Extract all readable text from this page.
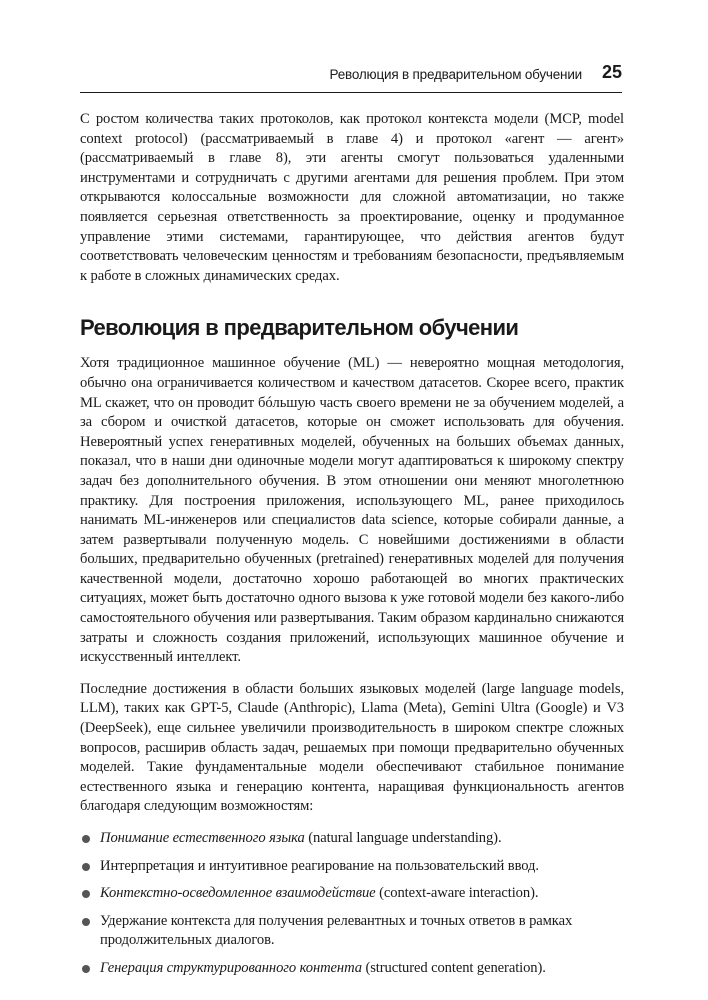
Революция в предварительном обучении 25

С ростом количества таких протоколов, как протокол контекста модели (MCP, model context protocol) (рассматриваемый в главе 4) и протокол «агент — агент» (рассматриваемый в главе 8), эти агенты смогут пользоваться удаленными инструментами и сотрудничать с другими агентами для решения проблем. При этом открываются колоссальные возможности для сложной автоматизации, но также появляется серьезная ответственность за проектирование, оценку и продуманное управление этими системами, гарантирующее, что действия агентов будут соответствовать человеческим ценностям и требованиям безопасности, предъявляемым к работе в сложных динамических средах.

Революция в предварительном обучении

Хотя традиционное машинное обучение (ML) — невероятно мощная методология, обычно она ограничивается количеством и качеством датасетов. Скорее всего, практик ML скажет, что он проводит бóльшую часть своего времени не за обучением моделей, а за сбором и очисткой датасетов, которые он сможет использовать для обучения. Невероятный успех генеративных моделей, обученных на больших объемах данных, показал, что в наши дни одиночные модели могут адаптироваться к широкому спектру задач без дополнительного обучения. В этом отношении они меняют многолетнюю практику. Для построения приложения, использующего ML, ранее приходилось нанимать ML-инженеров или специалистов data science, которые собирали данные, а затем развертывали полученную модель. С новейшими достижениями в области больших, предварительно обученных (pretrained) генеративных моделей для получения качественной модели, достаточно хорошо работающей во многих практических ситуациях, может быть достаточно одного вызова к уже готовой модели без какого-либо самостоятельного обучения или развертывания. Таким образом кардинально снижаются затраты и сложность создания приложений, использующих машинное обучение и искусственный интеллект.

Последние достижения в области больших языковых моделей (large language models, LLM), таких как GPT-5, Claude (Anthropic), Llama (Meta), Gemini Ultra (Google) и V3 (DeepSeek), еще сильнее увеличили производительность в широком спектре сложных вопросов, расширив область задач, решаемых при помощи предварительно обученных моделей. Такие фундаментальные модели обеспечивают стабильное понимание естественного языка и генерацию контента, наращивая функциональность агентов благодаря следующим возможностям:

Понимание естественного языка (natural language understanding).
Интерпретация и интуитивное реагирование на пользовательский ввод.
Контекстно-осведомленное взаимодействие (context-aware interaction).
Удержание контекста для получения релевантных и точных ответов в рамках продолжительных диалогов.
Генерация структурированного контента (structured content generation).
